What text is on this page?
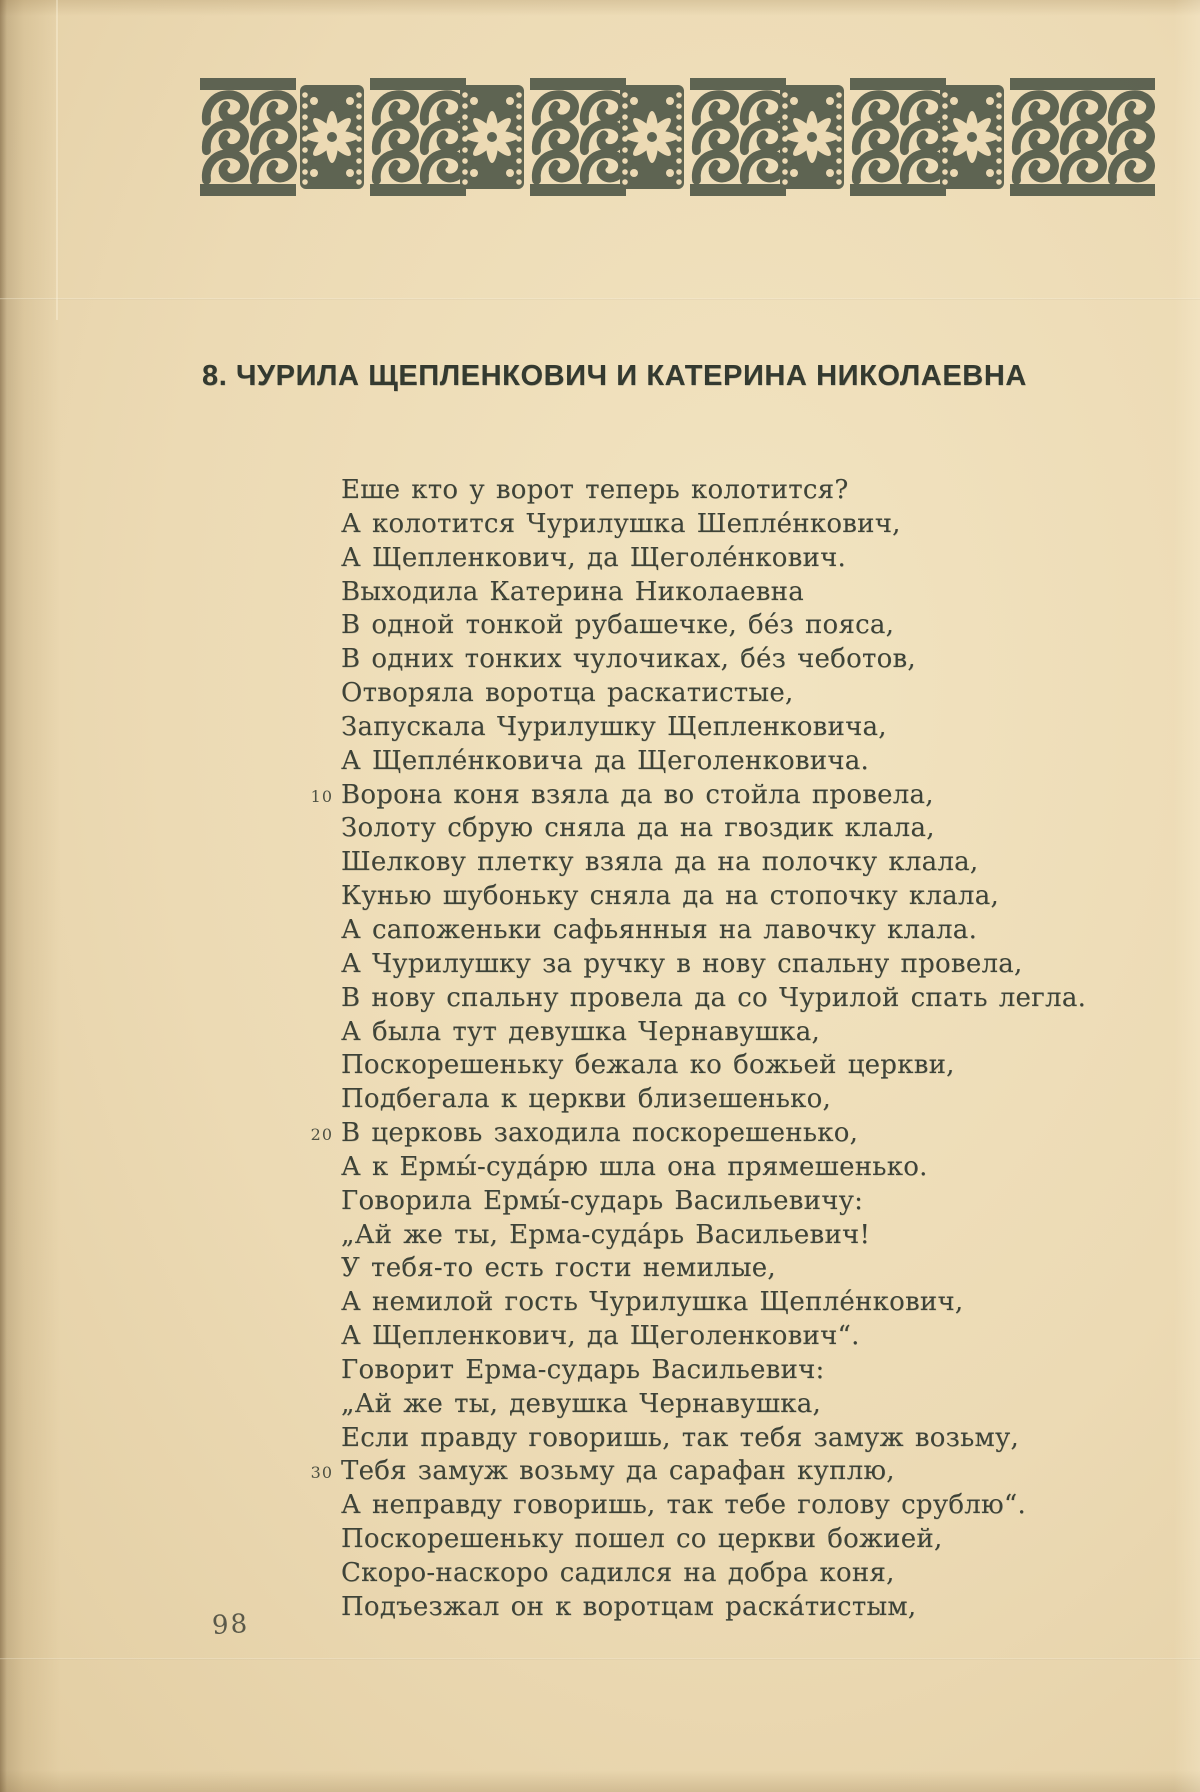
8. ЧУРИЛА ЩЕПЛЕНКОВИЧ И КАТЕРИНА НИКОЛАЕВНА
Еше кто у ворот теперь колотится?
А колотится Чурилушка Шепле́нкович,
А Щепленкович, да Щеголе́нкович.
Выходила Катерина Николаевна
В одной тонкой рубашечке, бе́з пояса,
В одних тонких чулочиках, бе́з чеботов,
Отворяла воротца раскатистые,
Запускала Чурилушку Щепленковича,
А Щепле́нковича да Щеголенковича.
10 Ворона коня взяла да во стойла провела,
Золоту сбрую сняла да на гвоздик клала,
Шелкову плетку взяла да на полочку клала,
Кунью шубоньку сняла да на стопочку клала,
А сапоженьки сафьянныя на лавочку клала.
А Чурилушку за ручку в нову спальну провела,
В нову спальну провела да со Чурилой спать легла.
А была тут девушка Чернавушка,
Поскорешеньку бежала ко божьей церкви,
Подбегала к церкви близешенько,
20 В церковь заходила поскорешенько,
А к Ермы́-суда́рю шла она прямешенько.
Говорила Ермы́-сударь Васильевичу:
„Ай же ты, Ерма-суда́рь Васильевич!
У тебя-то есть гости немилые,
А немилой гость Чурилушка Щепле́нкович,
А Щепленкович, да Щеголенкович“.
Говорит Ерма-сударь Васильевич:
„Ай же ты, девушка Чернавушка,
Если правду говоришь, так тебя замуж возьму,
30 Тебя замуж возьму да сарафан куплю,
А неправду говоришь, так тебе голову срублю“.
Поскорешеньку пошел со церкви божией,
Скоро-наскоро садился на добра коня,
Подъезжал он к воротцам раска́тистым,
98
